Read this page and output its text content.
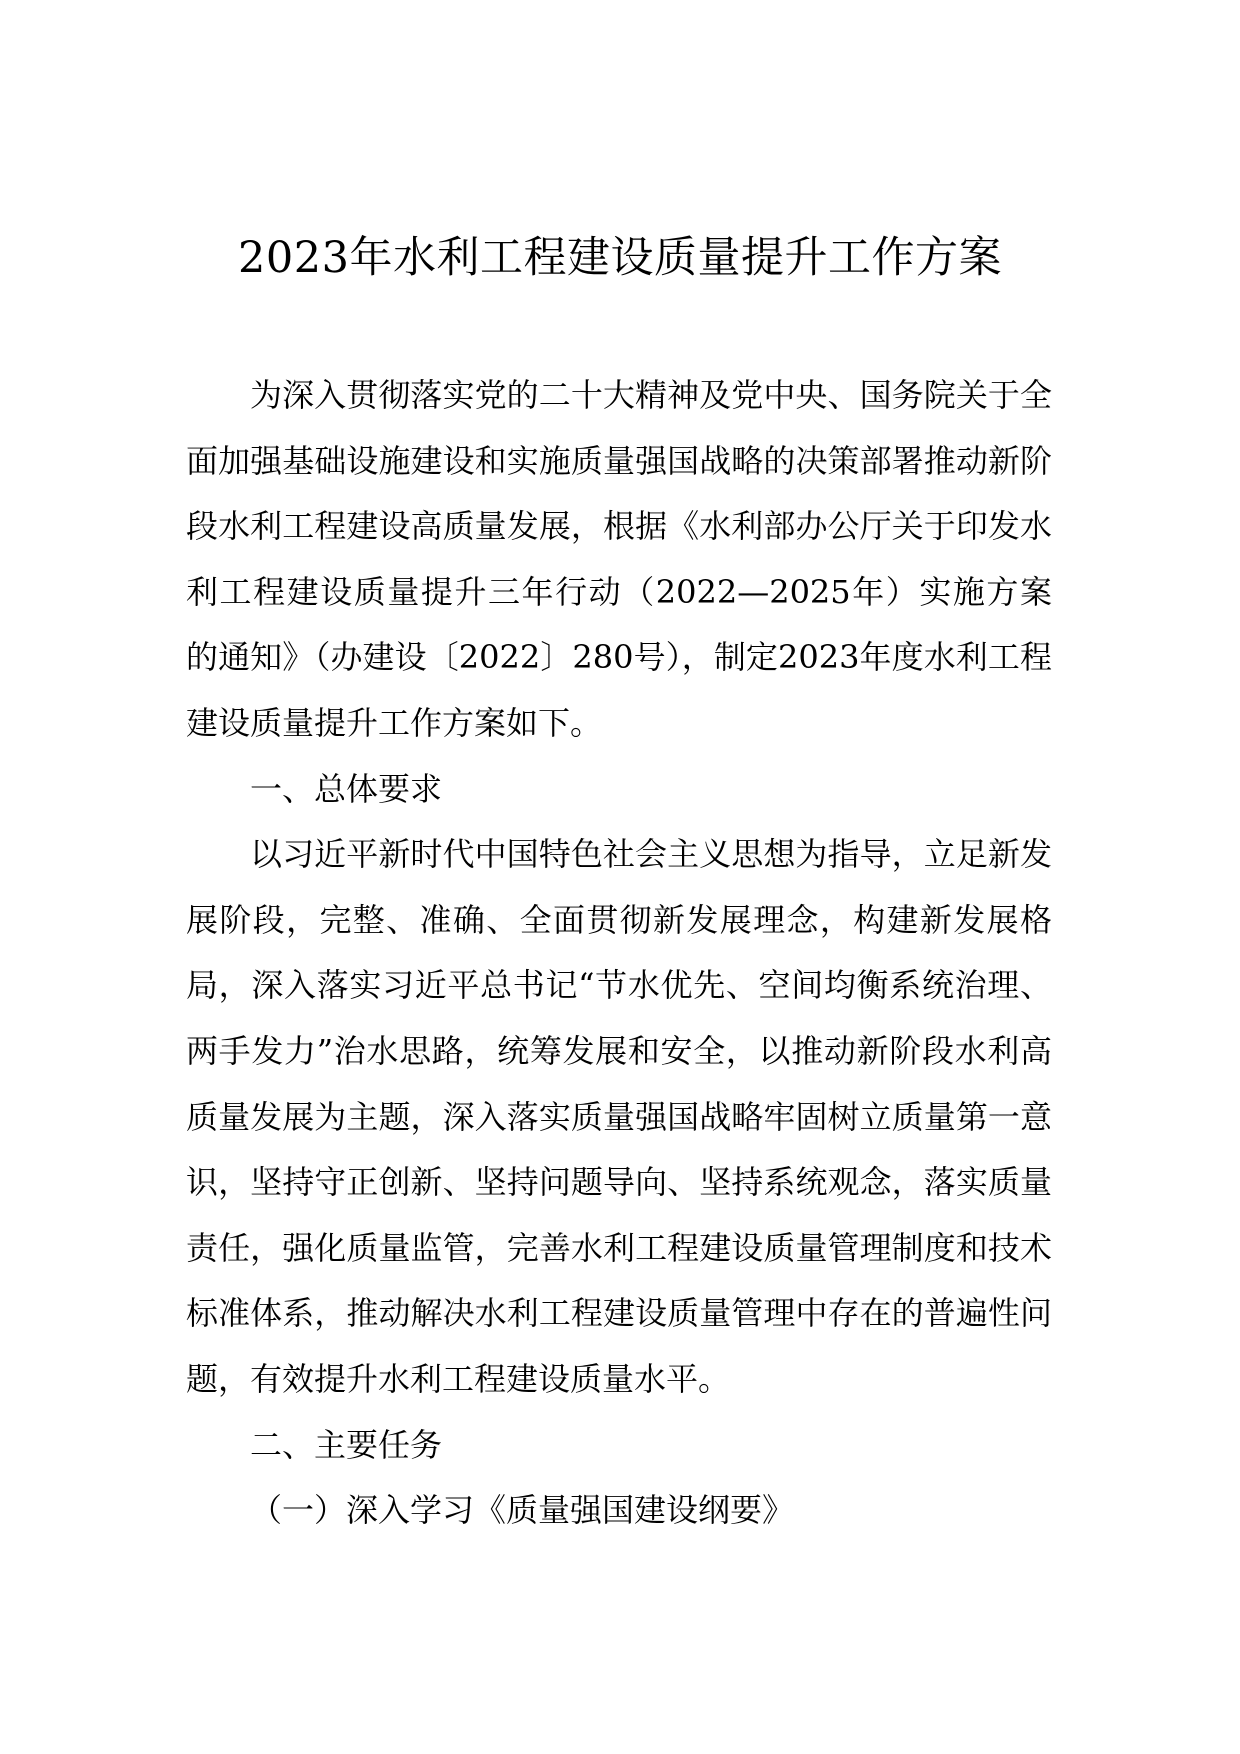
2023年水利工程建设质量提升工作方案

为深入贯彻落实党的二十大精神及党中央、国务院关于全面加强基础设施建设和实施质量强国战略的决策部署推动新阶段水利工程建设高质量发展，根据《水利部办公厅关于印发水利工程建设质量提升三年行动（2022—2025年）实施方案的通知》（办建设〔2022〕280号），制定2023年度水利工程建设质量提升工作方案如下。

一、总体要求

以习近平新时代中国特色社会主义思想为指导，立足新发展阶段，完整、准确、全面贯彻新发展理念，构建新发展格局，深入落实习近平总书记“节水优先、空间均衡系统治理、两手发力”治水思路，统筹发展和安全，以推动新阶段水利高质量发展为主题，深入落实质量强国战略牢固树立质量第一意识，坚持守正创新、坚持问题导向、坚持系统观念，落实质量责任，强化质量监管，完善水利工程建设质量管理制度和技术标准体系，推动解决水利工程建设质量管理中存在的普遍性问题，有效提升水利工程建设质量水平。

二、主要任务

（一）深入学习《质量强国建设纲要》
